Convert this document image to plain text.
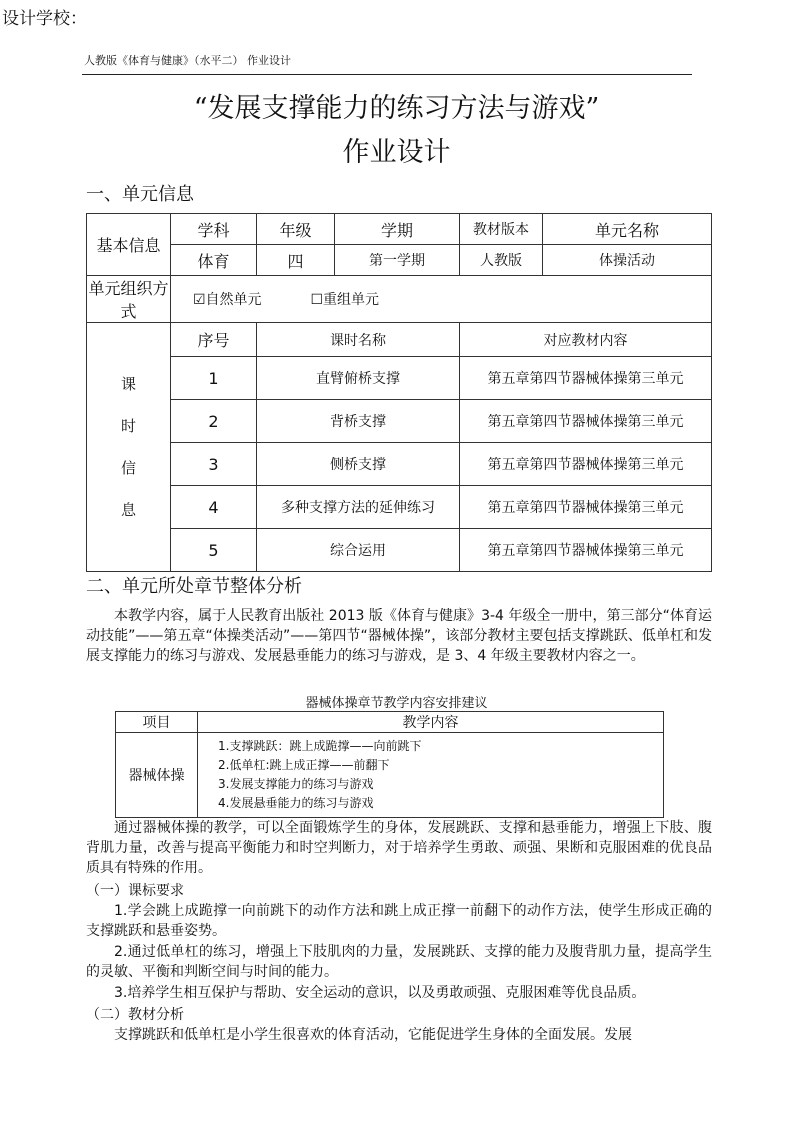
设计学校：
人教版《体育与健康》（水平二） 作业设计
“发展支撑能力的练习方法与游戏”
作业设计
一、单元信息
基本信息	学科	年级	学期	教材版本	单元名称
	体育	四	第一学期	人教版	体操活动
单元组织方式	☑自然单元 ☐重组单元				

课
时
信
息	序号	课时名称		对应教材内容	
	1	直臂俯桥支撑		第五章第四节器械体操第三单元	
	2	背桥支撑		第五章第四节器械体操第三单元	
	3	侧桥支撑		第五章第四节器械体操第三单元	
	4	多种支撑方法的延伸练习		第五章第四节器械体操第三单元	
	5	综合运用		第五章第四节器械体操第三单元	
二、单元所处章节整体分析
本教学内容，属于人民教育出版社 2013 版《体育与健康》3-4 年级全一册中，第三部分“体育运动技能”——第五章“体操类活动”——第四节“器械体操”，该部分教材主要包括支撑跳跃、低单杠和发展支撑能力的练习与游戏、发展悬垂能力的练习与游戏，是 3、4 年级主要教材内容之一。
器械体操章节教学内容安排建议
项目	教学内容
器械体操	1.支撑跳跃：跳上成跪撑——向前跳下
2.低单杠:跳上成正撑——前翻下
3.发展支撑能力的练习与游戏
4.发展悬垂能力的练习与游戏
通过器械体操的教学，可以全面锻炼学生的身体，发展跳跃、支撑和悬垂能力，增强上下肢、腹背肌力量，改善与提高平衡能力和时空判断力，对于培养学生勇敢、顽强、果断和克服困难的优良品质具有特殊的作用。
（一）课标要求
1.学会跳上成跪撑一向前跳下的动作方法和跳上成正撑一前翻下的动作方法，使学生形成正确的支撑跳跃和悬垂姿势。
2.通过低单杠的练习，增强上下肢肌肉的力量，发展跳跃、支撑的能力及腹背肌力量，提高学生的灵敏、平衡和判断空间与时间的能力。
3.培养学生相互保护与帮助、安全运动的意识，以及勇敢顽强、克服困难等优良品质。
（二）教材分析
支撑跳跃和低单杠是小学生很喜欢的体育活动，它能促进学生身体的全面发展。发展
